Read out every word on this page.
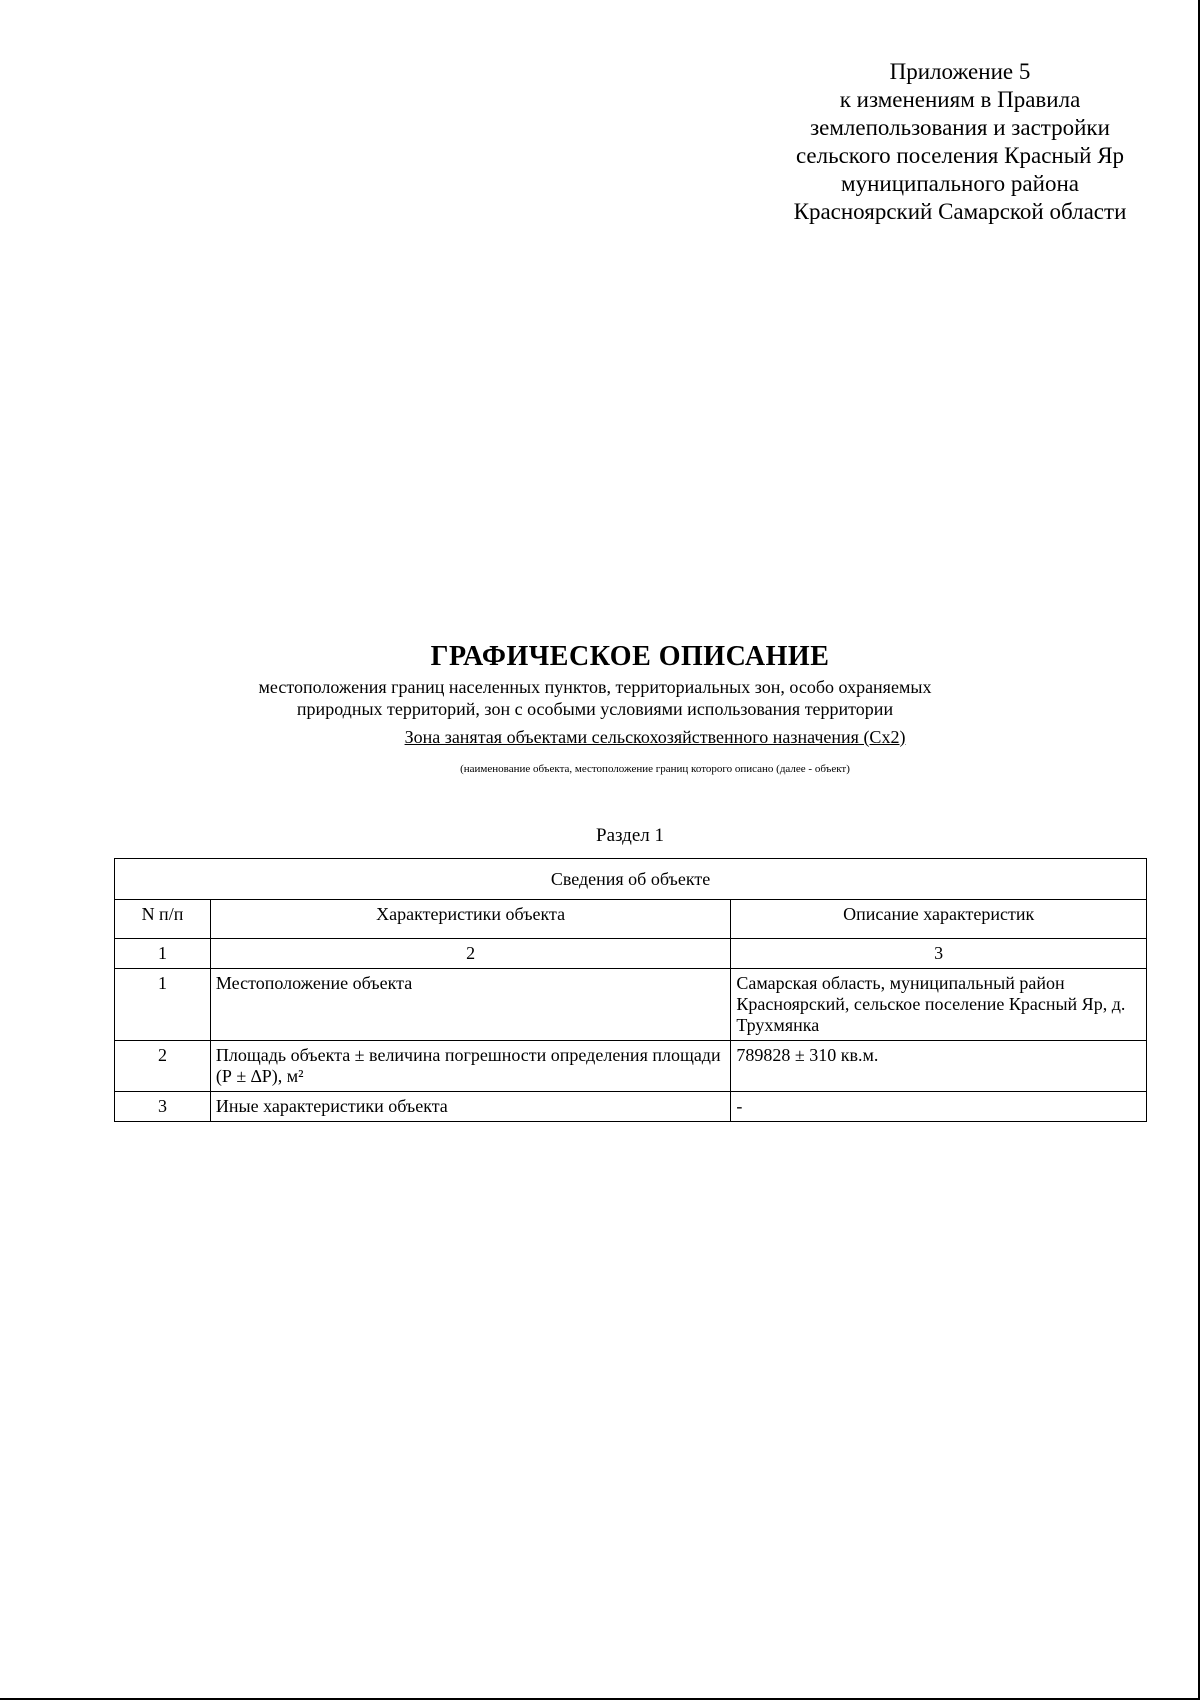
Приложение 5
к изменениям в Правила
землепользования и застройки
сельского поселения Красный Яр
муниципального района
Красноярский Самарской области
ГРАФИЧЕСКОЕ ОПИСАНИЕ
местоположения границ населенных пунктов, территориальных зон, особо охраняемых
природных территорий, зон с особыми условиями использования территории
Зона занятая объектами сельскохозяйственного назначения (Сх2)
(наименование объекта, местоположение границ которого описано (далее - объект)
Раздел 1
Сведения об объекте		
N п/п	Характеристики объекта	Описание характеристик
1	2	3
1	Местоположение объекта	Самарская область, муниципальный район Красноярский, сельское поселение Красный Яр, д. Трухмянка
2	Площадь объекта ± величина погрешности определения площади (Р ± ∆Р), м²	789828 ± 310 кв.м.
3	Иные характеристики объекта	-
